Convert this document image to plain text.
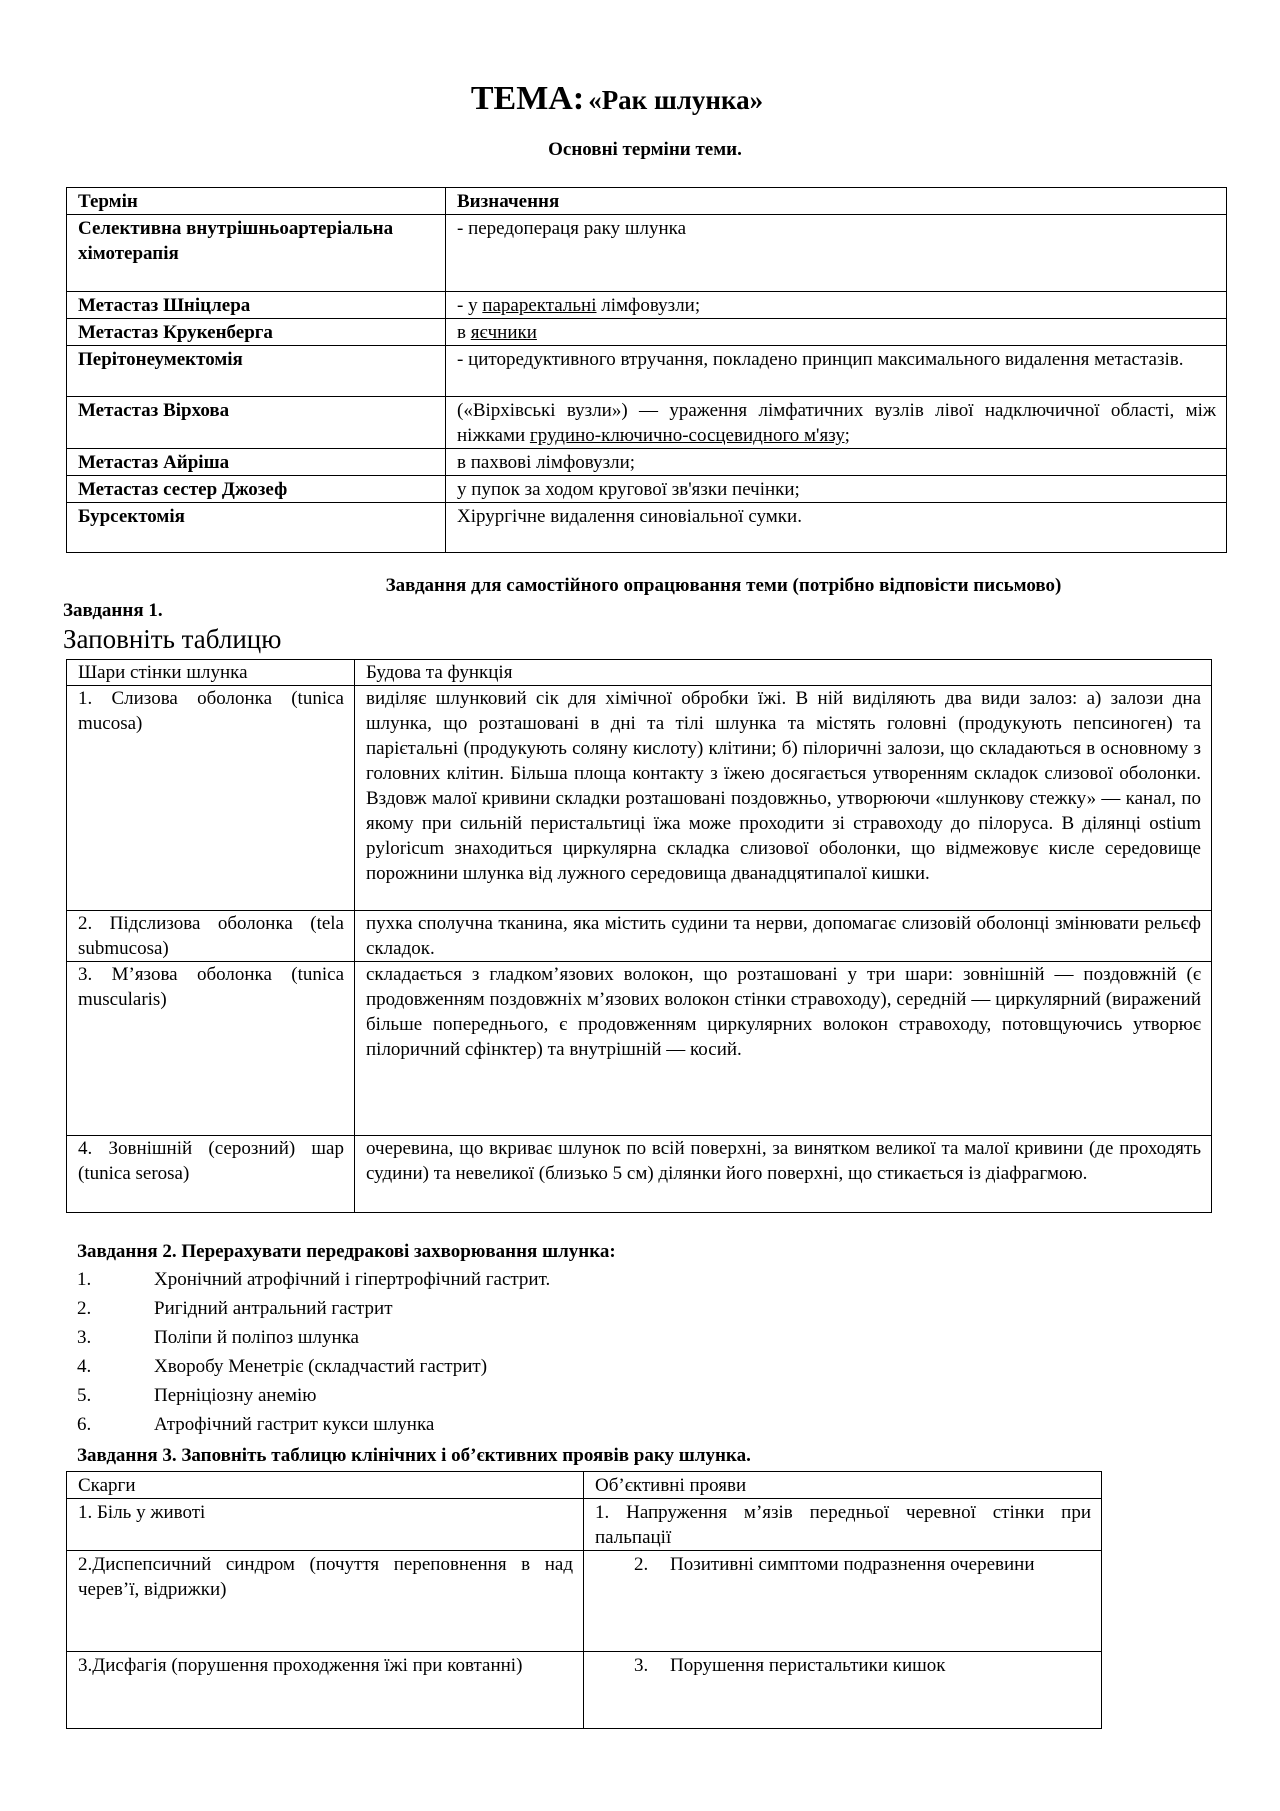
ТЕМА: «Рак шлунка»
Основні терміни теми.
Термін	Визначення
Селективна внутрішньоартеріальна хімотерапія	- передопераця раку шлунка
Метастаз Шніцлера	- у параректальні лімфовузли;
Метастаз Крукенберга	в яєчники
Перітонеумектомія	- циторедуктивного втручання, покладено принцип максимального видалення метастазів.
Метастаз Вірхова	(«Вірхівські вузли») — ураження лімфатичних вузлів лівої надключичної області, між ніжками грудино-ключично-сосцевидного м'язу;
Метастаз Айріша	в пахвові лімфовузли;
Метастаз сестер Джозеф	у пупок за ходом кругової зв'язки печінки;
Бурсектомія	Хірургічне видалення синовіальної сумки.
Завдання для самостійного опрацювання теми (потрібно відповісти письмово)
Завдання 1.
Заповніть таблицю
Шари стінки шлунка	Будова та функція
1. Слизова оболонка (tunica mucosa)	виділяє шлунковий сік для хімічної обробки їжі. В ній виділяють два види залоз: а) залози дна шлунка, що розташовані в дні та тілі шлунка та містять головні (продукують пепсиноген) та парієтальні (продукують соляну кислоту) клітини; б) пілоричні залози, що складаються в основному з головних клітин. Більша площа контакту з їжею досягається утворенням складок слизової оболонки. Вздовж малої кривини складки розташовані поздовжньо, утворюючи «шлункову стежку» — канал, по якому при сильній перистальтиці їжа може проходити зі стравоходу до пілоруса. В ділянці ostium pyloricum знаходиться циркулярна складка слизової оболонки, що відмежовує кисле середовище порожнини шлунка від лужного середовища дванадцятипалої кишки.
2. Підслизова оболонка (tela submucosa)	пухка сполучна тканина, яка містить судини та нерви, допомагає слизовій оболонці змінювати рельєф складок.
3. М’язова оболонка (tunica muscularis)	складається з гладком’язових волокон, що розташовані у три шари: зовнішній — поздовжній (є продовженням поздовжніх м’язових волокон стінки стравоходу), середній — циркулярний (виражений більше попереднього, є продовженням циркулярних волокон стравоходу, потовщуючись утворює пілоричний сфінктер) та внутрішній — косий.
4. Зовнішній (серозний) шар (tunica serosa)	очеревина, що вкриває шлунок по всій поверхні, за винятком великої та малої кривини (де проходять судини) та невеликої (близько 5 см) ділянки його поверхні, що стикається із діафрагмою.
Завдання 2. Перерахувати передракові захворювання шлунка:
1.	Хронічний атрофічний і гіпертрофічний гастрит.
2.	Ригідний антральний гастрит
3.	Поліпи й поліпоз шлунка
4.	Хворобу Менетріє (складчастий гастрит)
5.	Перніціозну анемію
6.	Атрофічний гастрит кукси шлунка
Завдання 3. Заповніть таблицю клінічних і об’єктивних проявів раку шлунка.
Скарги	Об’єктивні прояви
1. Біль у животі	1. Напруження м’язів передньої черевної стінки при пальпації
2.Диспепсичний синдром (почуття переповнення в над черев’ї, відрижки)	2. Позитивні симптоми подразнення очеревини
3.Дисфагія (порушення проходження їжі при ковтанні)	3. Порушення перистальтики кишок
